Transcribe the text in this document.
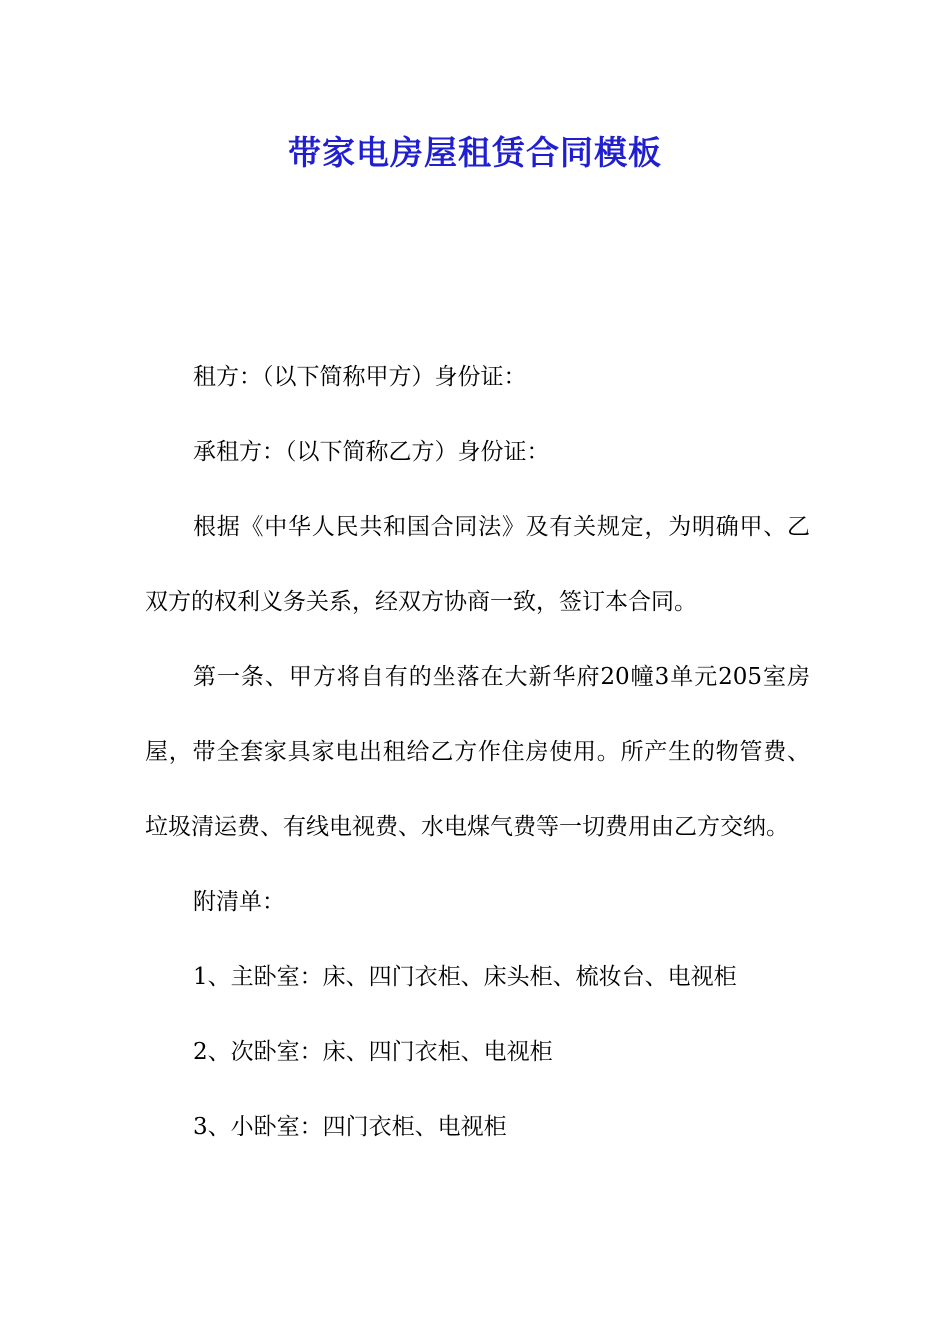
带家电房屋租赁合同模板

租方：（以下简称甲方）身份证：

承租方：（以下简称乙方）身份证：

根据《中华人民共和国合同法》及有关规定，为明确甲、乙双方的权利义务关系，经双方协商一致，签订本合同。

第一条、甲方将自有的坐落在大新华府20幢3单元205室房屋，带全套家具家电出租给乙方作住房使用。所产生的物管费、垃圾清运费、有线电视费、水电煤气费等一切费用由乙方交纳。

附清单：

1、主卧室：床、四门衣柜、床头柜、梳妆台、电视柜

2、次卧室：床、四门衣柜、电视柜

3、小卧室：四门衣柜、电视柜
